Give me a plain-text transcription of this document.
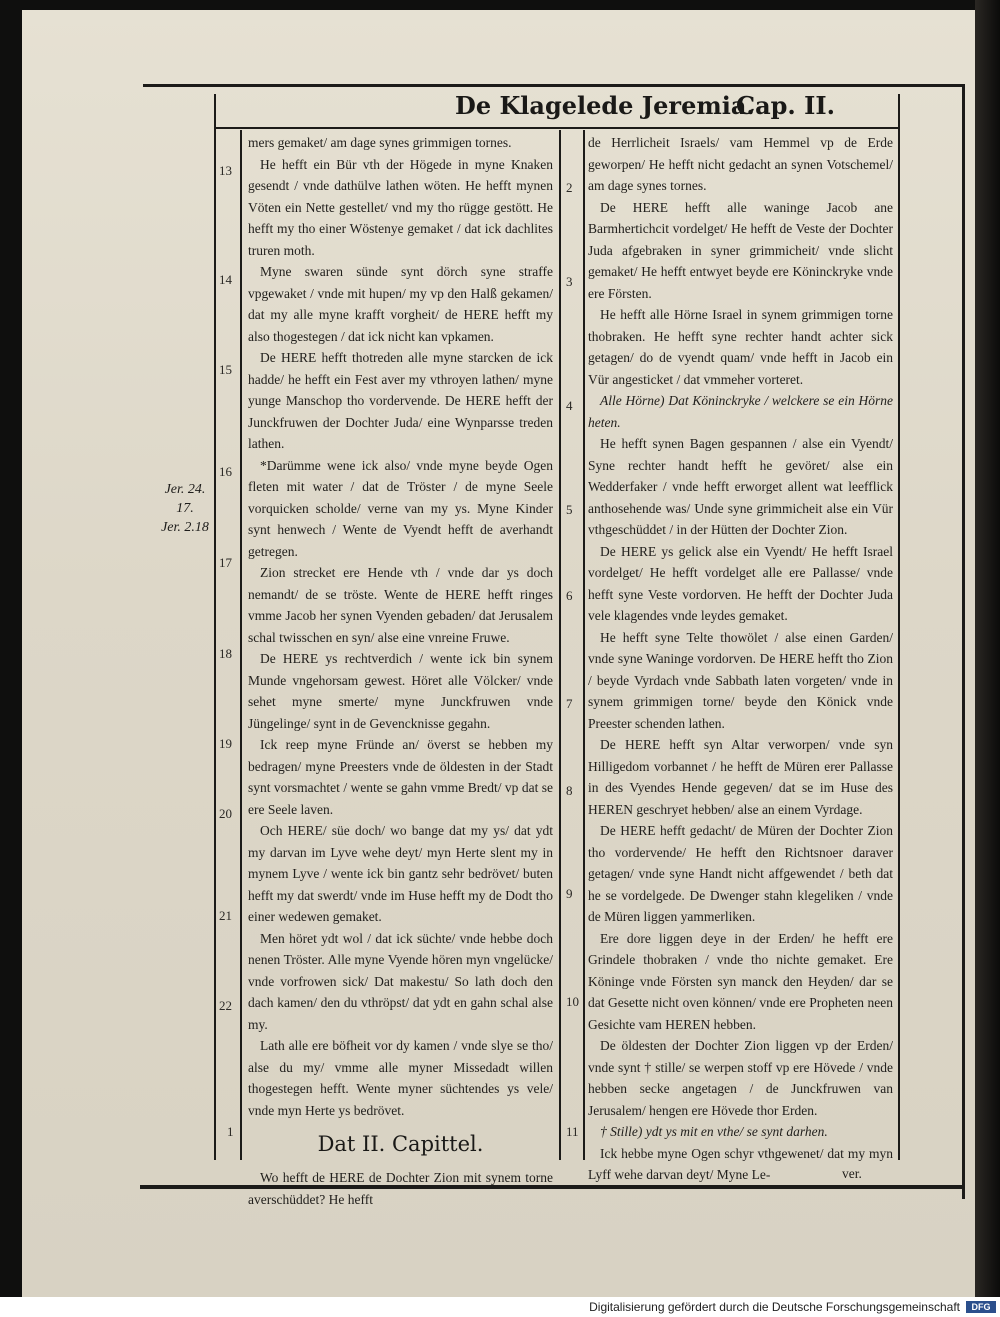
De Klagelede Jeremia.
Cap. II.
Jer. 24.
17.
Jer. 2.18
13
14
15
16
17
18
19
20
21
22
1
2
3
4
5
6
7
8
9
10
11

mers gemaket/ am dage synes grimmigen tornes.

He hefft ein Bür vth der Högede in myne Knaken gesendt / vnde dathülve lathen wöten. He hefft mynen Vöten ein Nette gestellet/ vnd my tho rügge gestött. He hefft my tho einer Wöstenye gemaket / dat ick dachlites truren moth.

Myne swaren sünde synt dörch syne straffe vpgewaket / vnde mit hupen/ my vp den Halß gekamen/ dat my alle myne krafft vorgheit/ de HERE hefft my also thogestegen / dat ick nicht kan vpkamen.

De HERE hefft thotreden alle myne starcken de ick hadde/ he hefft ein Fest aver my vthroyen lathen/ myne yunge Manschop tho vordervende. De HERE hefft der Junckfruwen der Dochter Juda/ eine Wynparsse treden lathen.

*Darümme wene ick also/ vnde myne beyde Ogen fleten mit water / dat de Tröster / de myne Seele vorquicken scholde/ verne van my ys. Myne Kinder synt henwech / Wente de Vyendt hefft de averhandt getregen.

Zion strecket ere Hende vth / vnde dar ys doch nemandt/ de se tröste. Wente de HERE hefft ringes vmme Jacob her synen Vyenden gebaden/ dat Jerusalem schal twisschen en syn/ alse eine vnreine Fruwe.

De HERE ys rechtverdich / wente ick bin synem Munde vngehorsam gewest. Höret alle Völcker/ vnde sehet myne smerte/ myne Junckfruwen vnde Jüngelinge/ synt in de Gevencknisse gegahn.

Ick reep myne Fründe an/ överst se hebben my bedragen/ myne Preesters vnde de öldesten in der Stadt synt vorsmachtet / wente se gahn vmme Bredt/ vp dat se ere Seele laven.

Och HERE/ süe doch/ wo bange dat my ys/ dat ydt my darvan im Lyve wehe deyt/ myn Herte slent my in mynem Lyve / wente ick bin gantz sehr bedrövet/ buten hefft my dat swerdt/ vnde im Huse hefft my de Dodt tho einer wedewen gemaket.

Men höret ydt wol / dat ick süchte/ vnde hebbe doch nenen Tröster. Alle myne Vyende hören myn vngelücke/ vnde vorfrowen sick/ Dat makestu/ So lath doch den dach kamen/ den du vthröpst/ dat ydt en gahn schal alse my.

Lath alle ere böfheit vor dy kamen / vnde slye se tho/ alse du my/ vmme alle myner Missedadt willen thogestegen hefft. Wente myner süchtendes ys vele/ vnde myn Herte ys bedrövet.

Dat II. Capittel.

Wo hefft de HERE de Dochter Zion mit synem torne averschüddet? He hefft

de Herrlicheit Israels/ vam Hemmel vp de Erde geworpen/ He hefft nicht gedacht an synen Votschemel/ am dage synes tornes.

De HERE hefft alle waninge Jacob ane Barmhertichcit vordelget/ He hefft de Veste der Dochter Juda afgebraken in syner grimmicheit/ vnde slicht gemaket/ He hefft entwyet beyde ere Köninckryke vnde ere Försten.

He hefft alle Hörne Israel in synem grimmigen torne thobraken. He hefft syne rechter handt achter sick getagen/ do de vyendt quam/ vnde hefft in Jacob ein Vür angesticket / dat vmmeher vorteret.

Alle Hörne) Dat Köninckryke / welckere se ein Hörne heten.

He hefft synen Bagen gespannen / alse ein Vyendt/ Syne rechter handt hefft he gevöret/ alse ein Wedderfaker / vnde hefft erworget allent wat leefflick anthosehende was/ Unde syne grimmicheit alse ein Vür vthgeschüddet / in der Hütten der Dochter Zion.

De HERE ys gelick alse ein Vyendt/ He hefft Israel vordelget/ He hefft vordelget alle ere Pallasse/ vnde hefft syne Veste vordorven. He hefft der Dochter Juda vele klagendes vnde leydes gemaket.

He hefft syne Telte thowölet / alse einen Garden/ vnde syne Waninge vordorven. De HERE hefft tho Zion / beyde Vyrdach vnde Sabbath laten vorgeten/ vnde in synem grimmigen torne/ beyde den Könick vnde Preester schenden lathen.

De HERE hefft syn Altar verworpen/ vnde syn Hilligedom vorbannet / he hefft de Müren erer Pallasse in des Vyendes Hende gegeven/ dat se im Huse des HEREN geschryet hebben/ alse an einem Vyrdage.

De HERE hefft gedacht/ de Müren der Dochter Zion tho vordervende/ He hefft den Richtsnoer daraver getagen/ vnde syne Handt nicht affgewendet / beth dat he se vordelgede. De Dwenger stahn klegeliken / vnde de Müren liggen yammerliken.

Ere dore liggen deye in der Erden/ he hefft ere Grindele thobraken / vnde tho nichte gemaket. Ere Köninge vnde Försten syn manck den Heyden/ dar se dat Gesette nicht oven können/ vnde ere Propheten neen Gesichte vam HEREN hebben.

De öldesten der Dochter Zion liggen vp der Erden/ vnde synt † stille/ se werpen stoff vp ere Hövede / vnde hebben secke angetagen / de Junckfruwen van Jerusalem/ hengen ere Hövede thor Erden.

† Stille) ydt ys mit en vthe/ se synt darhen.

Ick hebbe myne Ogen schyr vthgewenet/ dat my myn Lyff wehe darvan deyt/ Myne Le-	ver.
Digitalisierung gefördert durch die Deutsche Forschungsgemeinschaft	DFG
